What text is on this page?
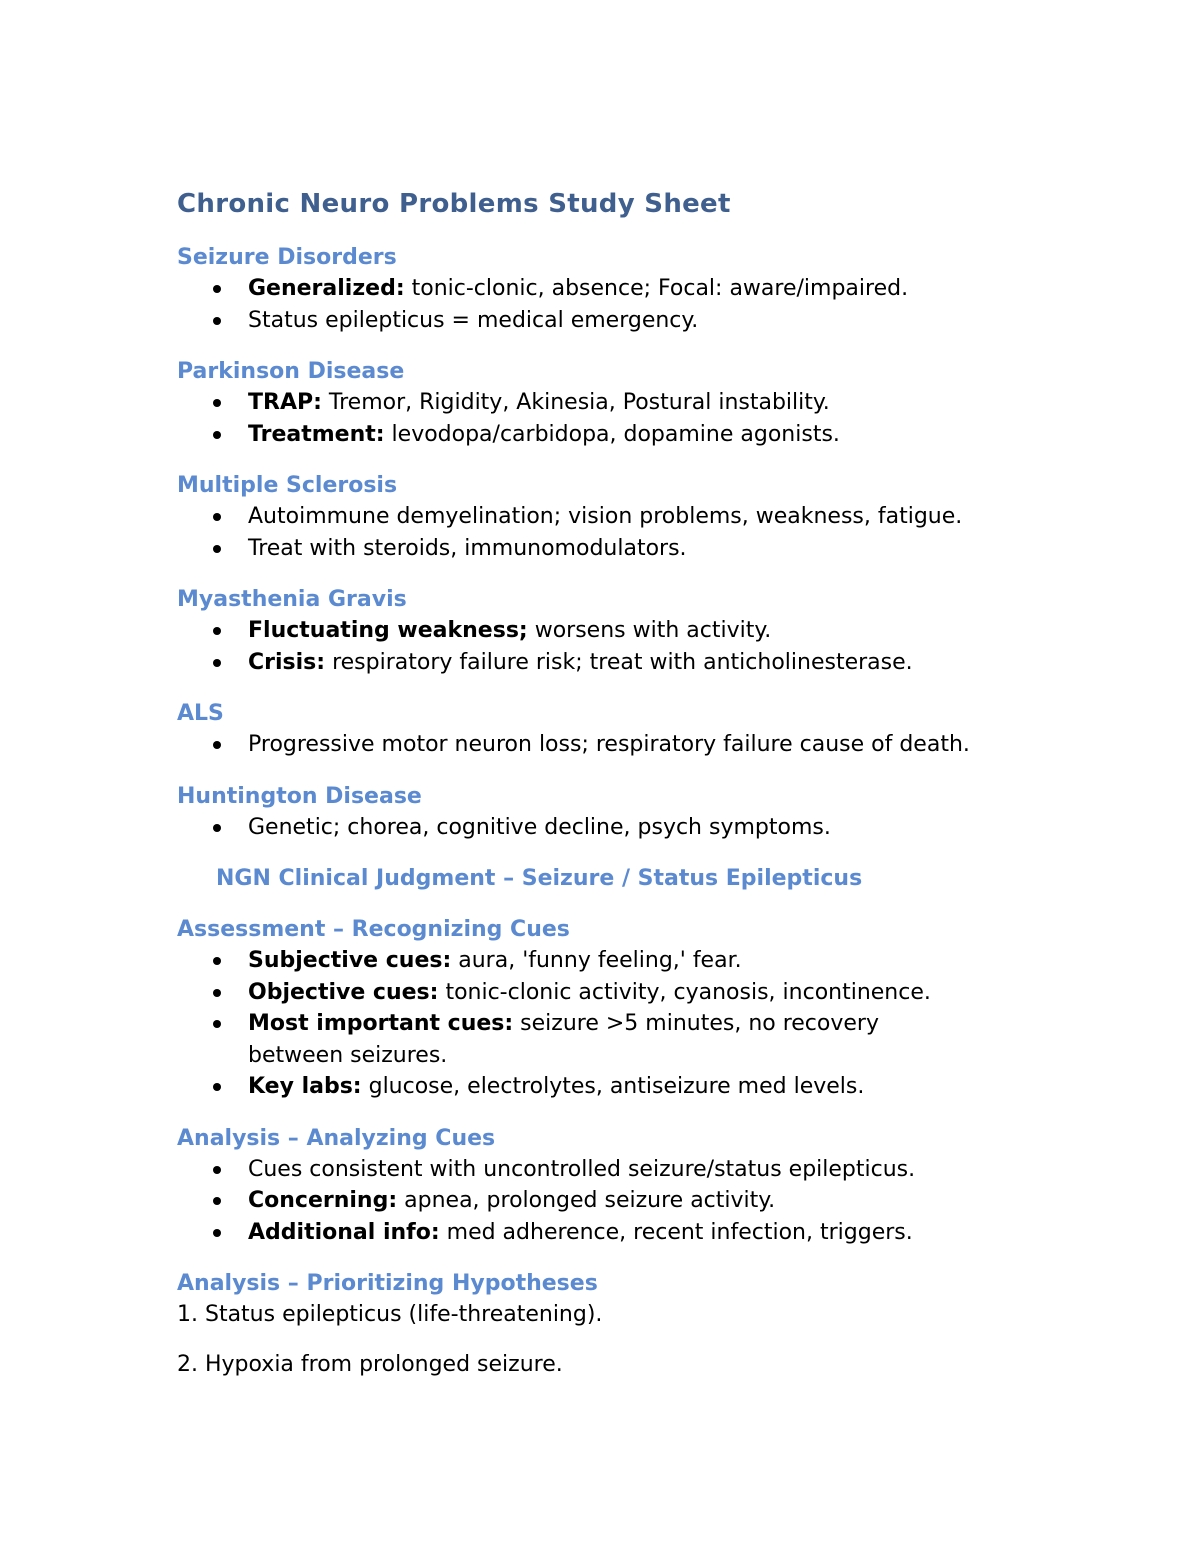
Chronic Neuro Problems Study Sheet
Seizure Disorders
Generalized: tonic-clonic, absence; Focal: aware/impaired.
Status epilepticus = medical emergency.
Parkinson Disease
TRAP: Tremor, Rigidity, Akinesia, Postural instability.
Treatment: levodopa/carbidopa, dopamine agonists.
Multiple Sclerosis
Autoimmune demyelination; vision problems, weakness, fatigue.
Treat with steroids, immunomodulators.
Myasthenia Gravis
Fluctuating weakness; worsens with activity.
Crisis: respiratory failure risk; treat with anticholinesterase.
ALS
Progressive motor neuron loss; respiratory failure cause of death.
Huntington Disease
Genetic; chorea, cognitive decline, psych symptoms.
NGN Clinical Judgment – Seizure / Status Epilepticus
Assessment – Recognizing Cues
Subjective cues: aura, 'funny feeling,' fear.
Objective cues: tonic-clonic activity, cyanosis, incontinence.
Most important cues: seizure >5 minutes, no recovery between seizures.
Key labs: glucose, electrolytes, antiseizure med levels.
Analysis – Analyzing Cues
Cues consistent with uncontrolled seizure/status epilepticus.
Concerning: apnea, prolonged seizure activity.
Additional info: med adherence, recent infection, triggers.
Analysis – Prioritizing Hypotheses

1. Status epilepticus (life-threatening).

2. Hypoxia from prolonged seizure.
